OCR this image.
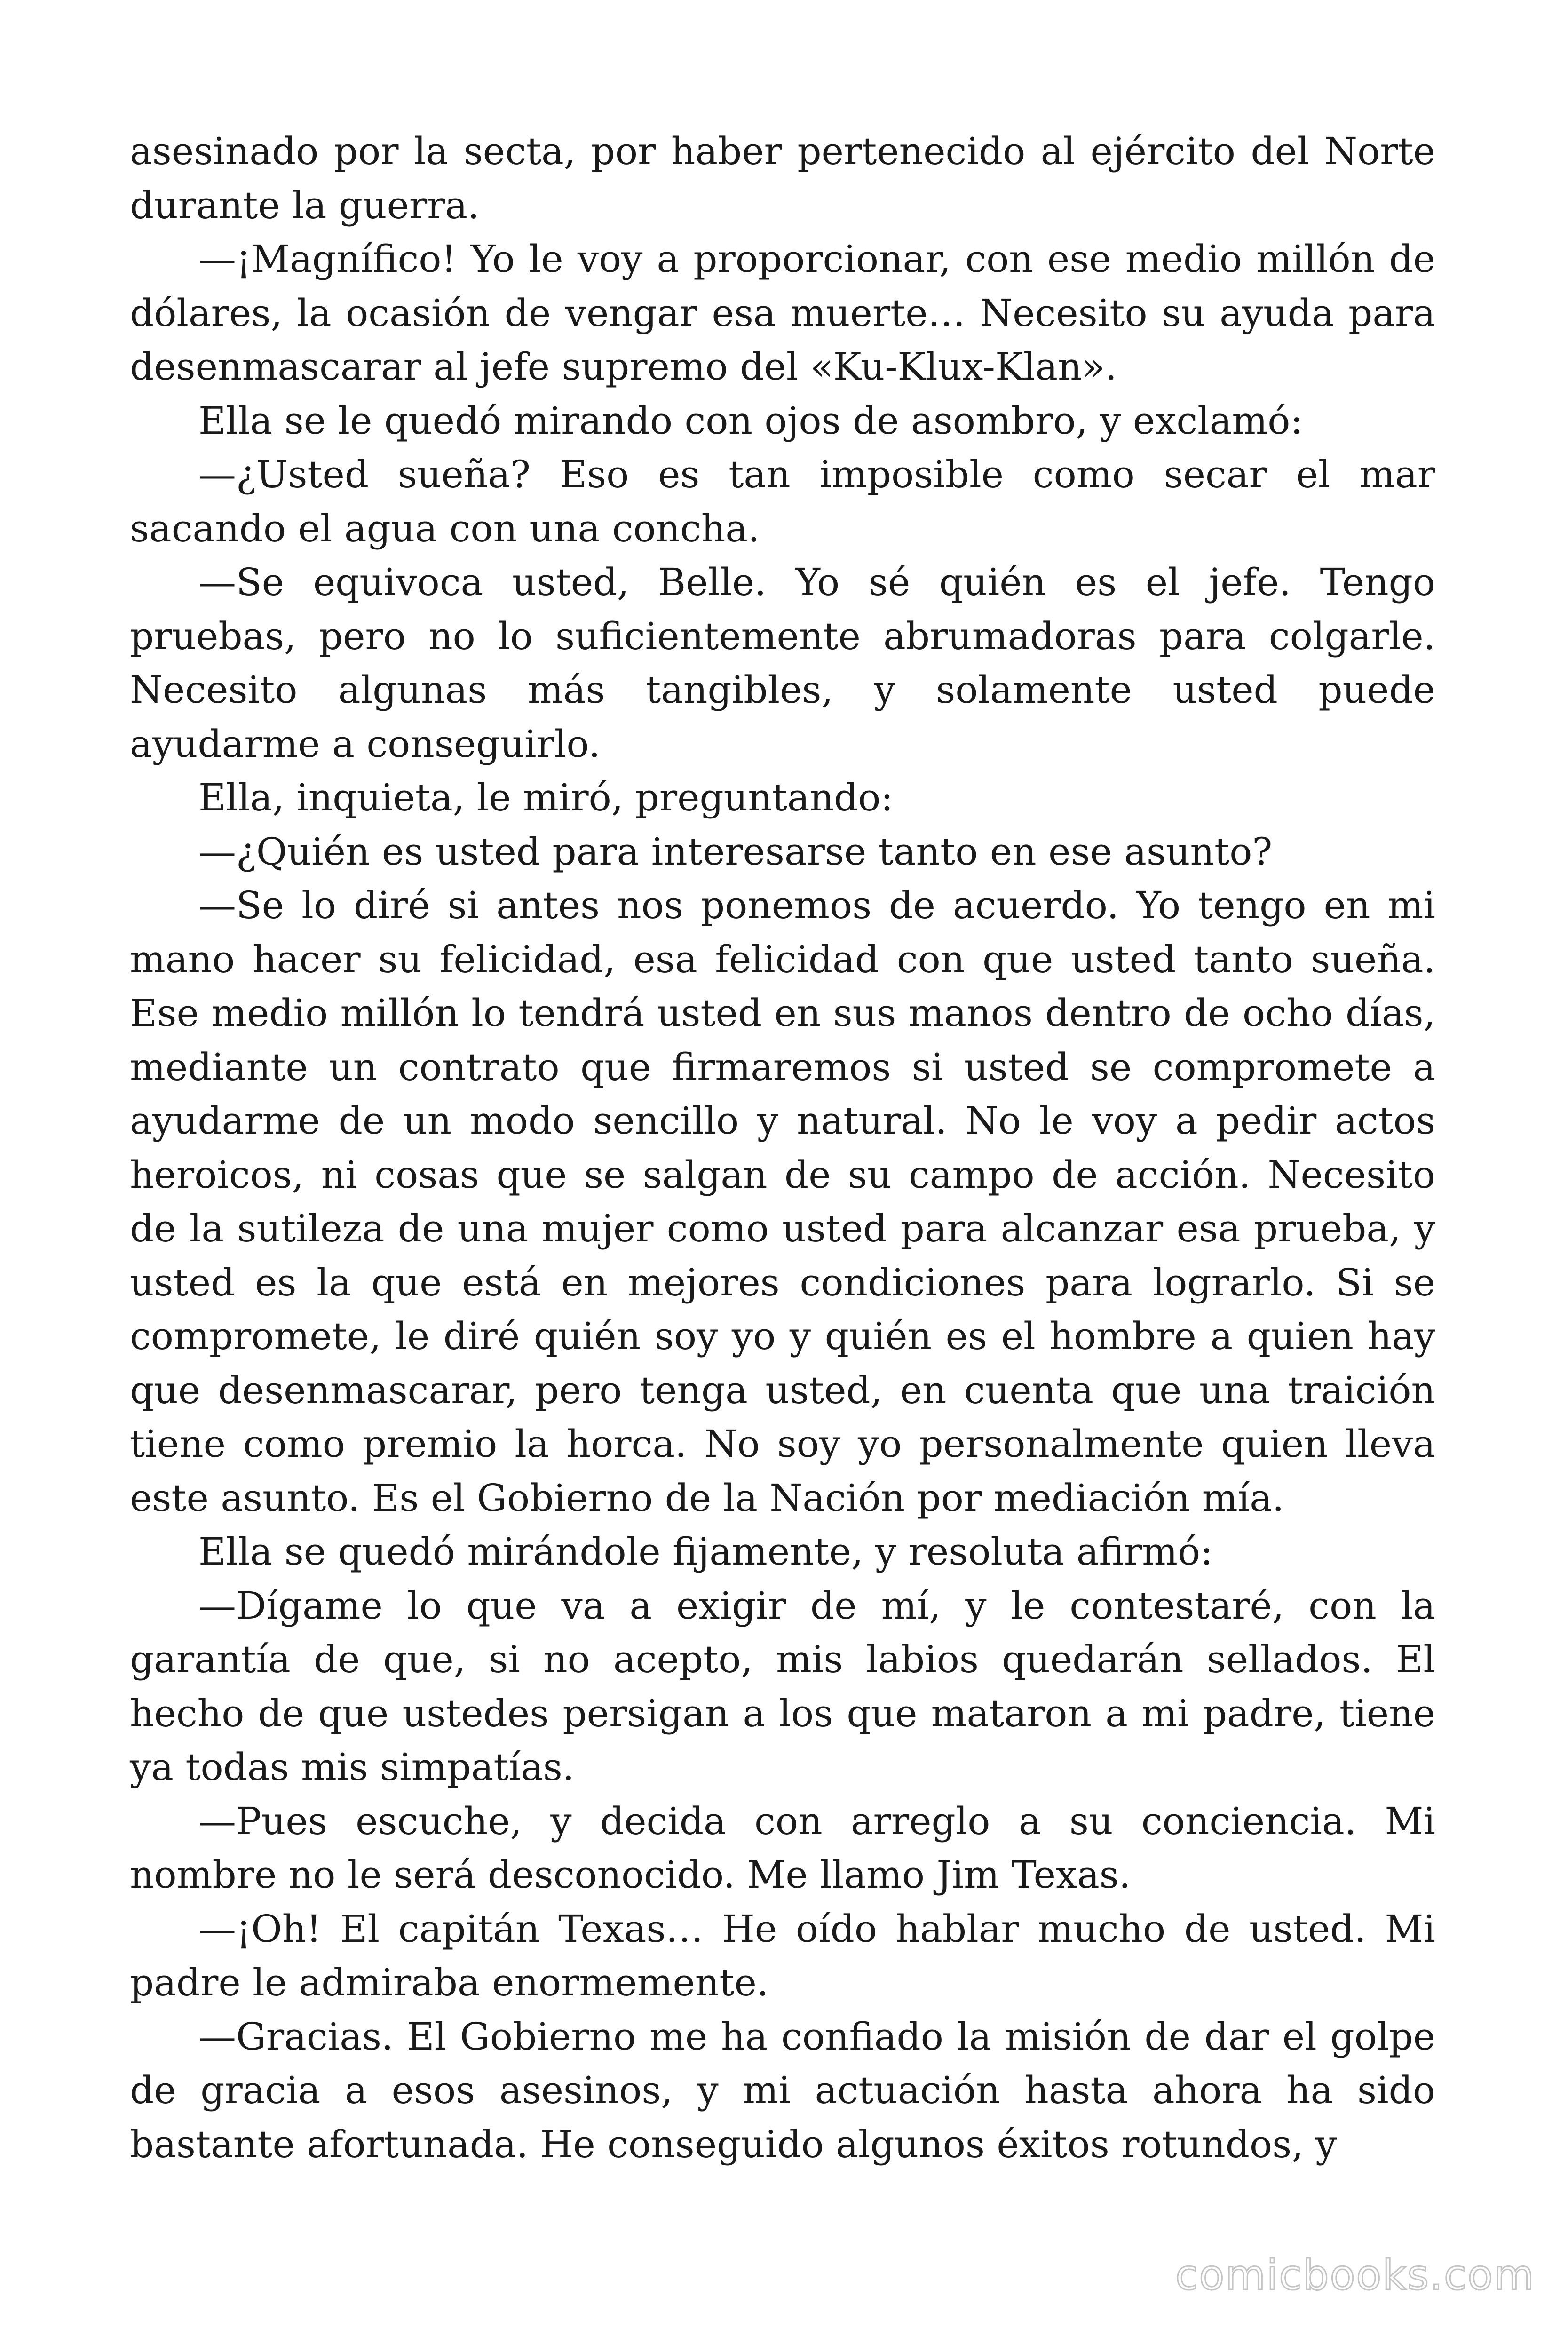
asesinado por la secta, por haber pertenecido al ejército del Norte durante la guerra.

—¡Magnífico! Yo le voy a proporcionar, con ese medio millón de dólares, la ocasión de vengar esa muerte… Necesito su ayuda para desenmascarar al jefe supremo del «Ku-Klux-Klan».

Ella se le quedó mirando con ojos de asombro, y exclamó:

—¿Usted sueña? Eso es tan imposible como secar el mar sacando el agua con una concha.

—Se equivoca usted, Belle. Yo sé quién es el jefe. Tengo pruebas, pero no lo suficientemente abrumadoras para colgarle. Necesito algunas más tangibles, y solamente usted puede ayudarme a conseguirlo.

Ella, inquieta, le miró, preguntando:

—¿Quién es usted para interesarse tanto en ese asunto?

—Se lo diré si antes nos ponemos de acuerdo. Yo tengo en mi mano hacer su felicidad, esa felicidad con que usted tanto sueña. Ese medio millón lo tendrá usted en sus manos dentro de ocho días, mediante un contrato que firmaremos si usted se compromete a ayudarme de un modo sencillo y natural. No le voy a pedir actos heroicos, ni cosas que se salgan de su campo de acción. Necesito de la sutileza de una mujer como usted para alcanzar esa prueba, y usted es la que está en mejores condiciones para lograrlo. Si se compromete, le diré quién soy yo y quién es el hombre a quien hay que desenmascarar, pero tenga usted, en cuenta que una traición tiene como premio la horca. No soy yo personalmente quien lleva este asunto. Es el Gobierno de la Nación por mediación mía.

Ella se quedó mirándole fijamente, y resoluta afirmó:

—Dígame lo que va a exigir de mí, y le contestaré, con la garantía de que, si no acepto, mis labios quedarán sellados. El hecho de que ustedes persigan a los que mataron a mi padre, tiene ya todas mis simpatías.

—Pues escuche, y decida con arreglo a su conciencia. Mi nombre no le será desconocido. Me llamo Jim Texas.

—¡Oh! El capitán Texas… He oído hablar mucho de usted. Mi padre le admiraba enormemente.

—Gracias. El Gobierno me ha confiado la misión de dar el golpe de gracia a esos asesinos, y mi actuación hasta ahora ha sido bastante afortunada. He conseguido algunos éxitos rotundos, y

comicbooks.com
